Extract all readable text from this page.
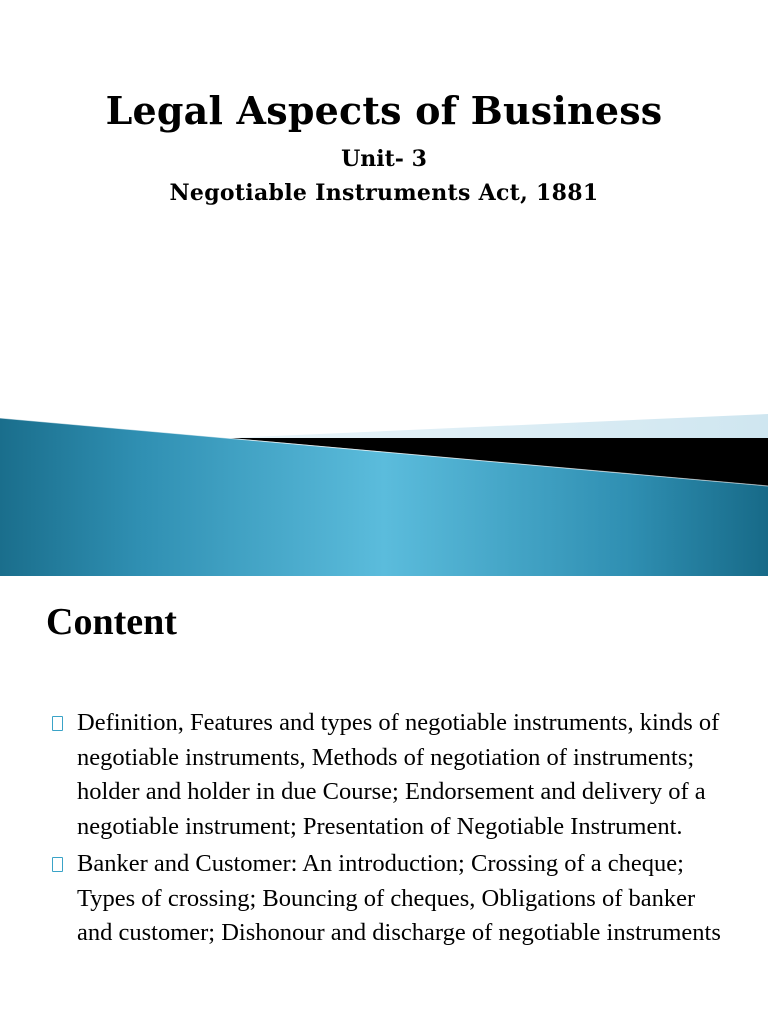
Legal Aspects of Business
Unit- 3
Negotiable Instruments Act, 1881
Content
Definition, Features and types of negotiable instruments, kinds of negotiable instruments, Methods of negotiation of instruments; holder and holder in due Course; Endorsement and delivery of a negotiable instrument; Presentation of Negotiable Instrument.
Banker and Customer: An introduction; Crossing of a cheque; Types of crossing; Bouncing of cheques, Obligations of banker and customer; Dishonour and discharge of negotiable instruments
